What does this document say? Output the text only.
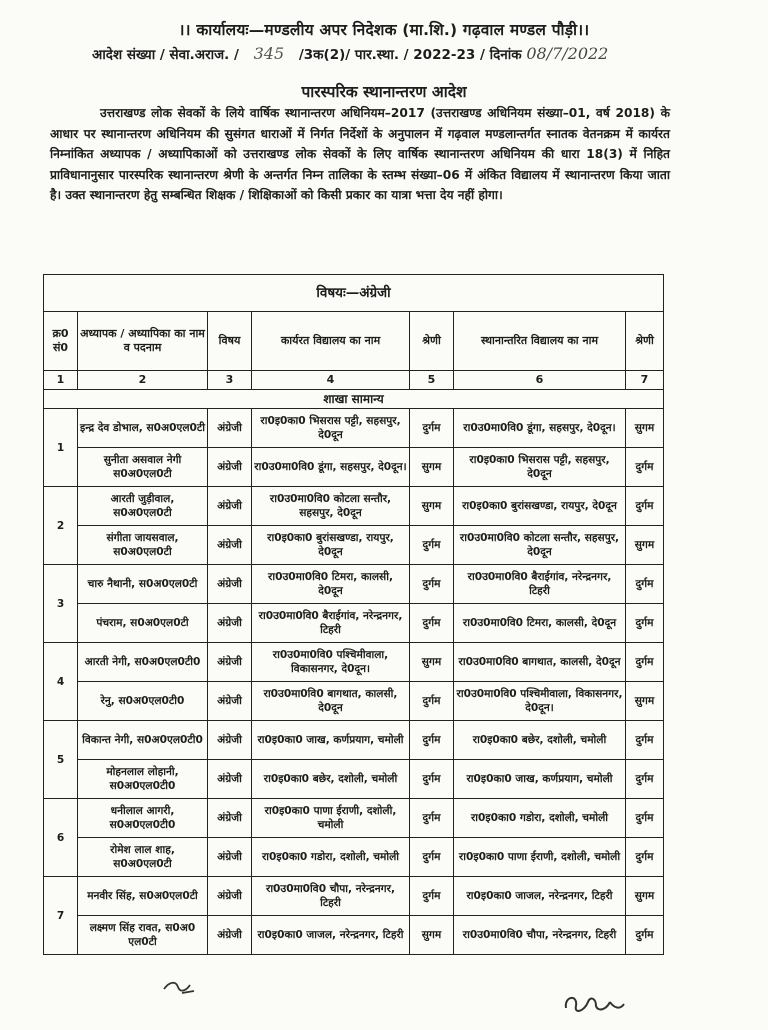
।। कार्यालयः—मण्डलीय अपर निदेशक (मा.शि.) गढ़वाल मण्डल पौड़ी।।
आदेश संख्या / सेवा.अराज. / 345 /3क(2)/ पार.स्था. / 2022-23 / दिनांक 08/7/2022
पारस्परिक स्थानान्तरण आदेश
उत्तराखण्ड लोक सेवकों के लिये वार्षिक स्थानान्तरण अधिनियम–2017 (उत्तराखण्ड अधिनियम संख्या–01, वर्ष 2018) के आधार पर स्थानान्तरण अधिनियम की सुसंगत धाराओं में निर्गत निर्देशों के अनुपालन में गढ़वाल मण्डलान्तर्गत स्नातक वेतनक्रम में कार्यरत निम्नांकित अध्यापक / अध्यापिकाओं को उत्तराखण्ड लोक सेवकों के लिए वार्षिक स्थानान्तरण अधिनियम की धारा 18(3) में निहित प्राविधानानुसार पारस्परिक स्थानान्तरण श्रेणी के अन्तर्गत निम्न तालिका के स्तम्भ संख्या–06 में अंकित विद्यालय में स्थानान्तरण किया जाता है। उक्त स्थानान्तरण हेतु सम्बन्धित शिक्षक / शिक्षिकाओं को किसी प्रकार का यात्रा भत्ता देय नहीं होगा।
विषयः—अंग्रेजी						
क्र0 सं0	अध्यापक / अध्यापिका का नाम व पदनाम	विषय	कार्यरत विद्यालय का नाम	श्रेणी	स्थानान्तरित विद्यालय का नाम	श्रेणी
1	2	3	4	5	6	7
शाखा सामान्य						
1	इन्द्र देव डोभाल, स0अ0एल0टी	अंग्रेजी	रा0इ0का0 भिसरास पट्टी, सहसपुर, दे0दून	दुर्गम	रा0उ0मा0वि0 डूंगा, सहसपुर, दे0दून।	सुगम
	सुनीता असवाल नेगी स0अ0एल0टी	अंग्रेजी	रा0उ0मा0वि0 डूंगा, सहसपुर, दे0दून।	सुगम	रा0इ0का0 भिसरास पट्टी, सहसपुर, दे0दून	दुर्गम
2	आरती जुड़ीवाल, स0अ0एल0टी	अंग्रेजी	रा0उ0मा0वि0 कोटला सन्तौर, सहसपुर, दे0दून	सुगम	रा0इ0का0 बुरांसखण्डा, रायपुर, दे0दून	दुर्गम
	संगीता जायसवाल, स0अ0एल0टी	अंग्रेजी	रा0इ0का0 बुरांसखण्डा, रायपुर, दे0दून	दुर्गम	रा0उ0मा0वि0 कोटला सन्तौर, सहसपुर, दे0दून	सुगम
3	चारु नैथानी, स0अ0एल0टी	अंग्रेजी	रा0उ0मा0वि0 टिमरा, कालसी, दे0दून	दुर्गम	रा0उ0मा0वि0 बैराईगांव, नरेन्द्रनगर, टिहरी	दुर्गम
	पंचराम, स0अ0एल0टी	अंग्रेजी	रा0उ0मा0वि0 बैराईगांव, नरेन्द्रनगर, टिहरी	दुर्गम	रा0उ0मा0वि0 टिमरा, कालसी, दे0दून	दुर्गम
4	आरती नेगी, स0अ0एल0टी0	अंग्रेजी	रा0उ0मा0वि0 पश्चिमीवाला, विकासनगर, दे0दून।	सुगम	रा0उ0मा0वि0 बागथात, कालसी, दे0दून	दुर्गम
	रेनु, स0अ0एल0टी0	अंग्रेजी	रा0उ0मा0वि0 बागथात, कालसी, दे0दून	दुर्गम	रा0उ0मा0वि0 पश्चिमीवाला, विकासनगर, दे0दून।	सुगम
5	विकान्त नेगी, स0अ0एल0टी0	अंग्रेजी	रा0इ0का0 जाख, कर्णप्रयाग, चमोली	दुर्गम	रा0इ0का0 बछेर, दशोली, चमोली	दुर्गम
	मोहनलाल लोहानी, स0अ0एल0टी0	अंग्रेजी	रा0इ0का0 बछेर, दशोली, चमोली	दुर्गम	रा0इ0का0 जाख, कर्णप्रयाग, चमोली	दुर्गम
6	धनीलाल आगरी, स0अ0एल0टी0	अंग्रेजी	रा0इ0का0 पाणा ईराणी, दशोली, चमोली	दुर्गम	रा0इ0का0 गडोरा, दशोली, चमोली	दुर्गम
	रोमेश लाल शाह, स0अ0एल0टी	अंग्रेजी	रा0इ0का0 गडोरा, दशोली, चमोली	दुर्गम	रा0इ0का0 पाणा ईराणी, दशोली, चमोली	दुर्गम
7	मनवीर सिंह, स0अ0एल0टी	अंग्रेजी	रा0उ0मा0वि0 चौपा, नरेन्द्रनगर, टिहरी	दुर्गम	रा0इ0का0 जाजल, नरेन्द्रनगर, टिहरी	सुगम
	लक्ष्मण सिंह रावत, स0अ0 एल0टी	अंग्रेजी	रा0इ0का0 जाजल, नरेन्द्रनगर, टिहरी	सुगम	रा0उ0मा0वि0 चौपा, नरेन्द्रनगर, टिहरी	दुर्गम
